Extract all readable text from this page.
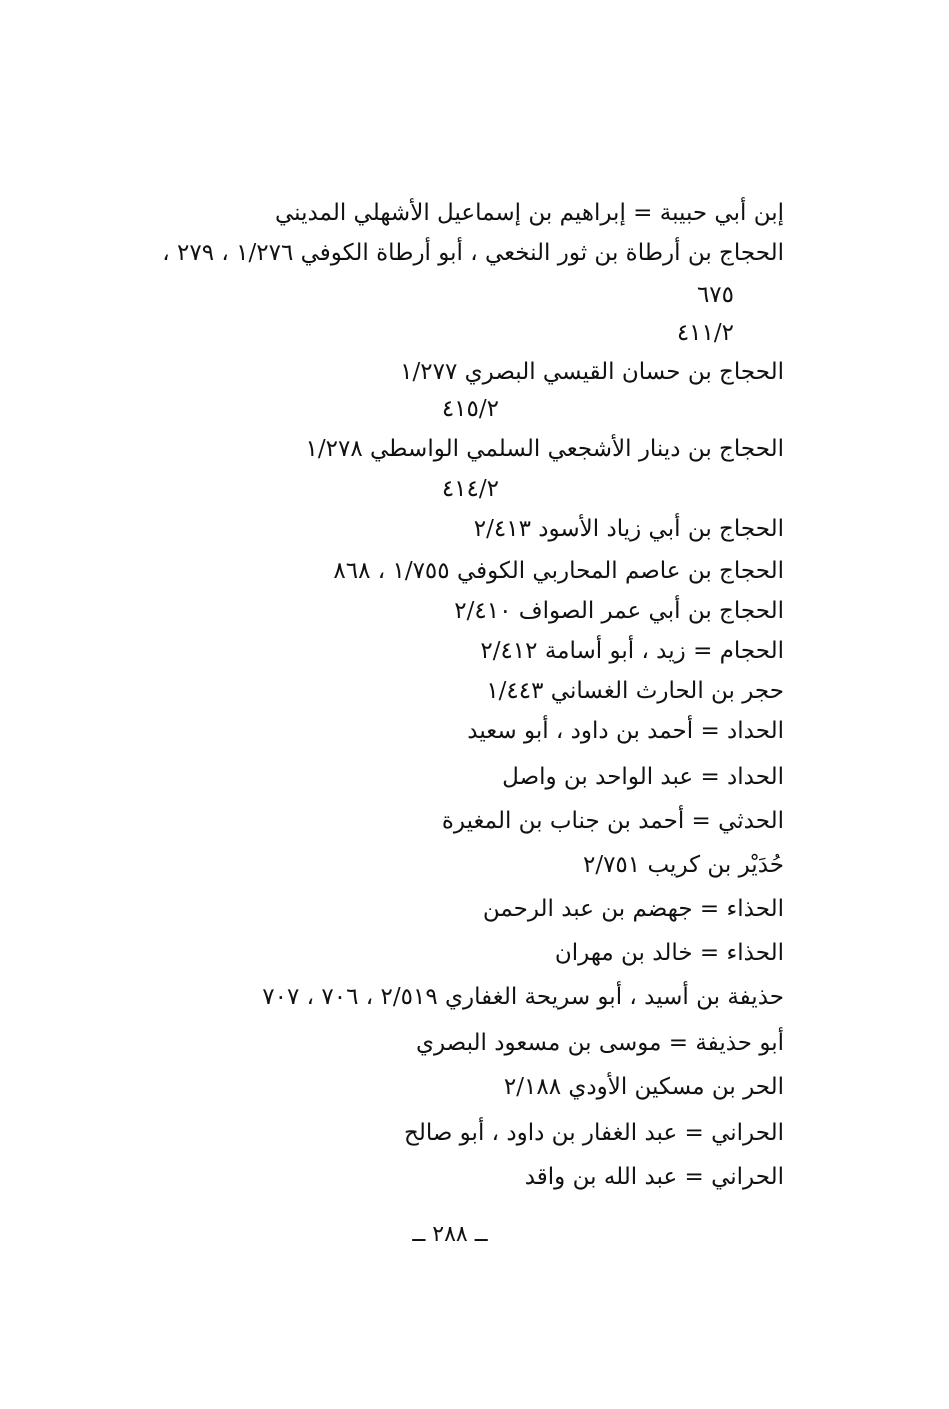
إبن أبي حبيبة = إبراهيم بن إسماعيل الأشهلي المديني
الحجاج بن أرطاة بن ثور النخعي ، أبو أرطاة الكوفي ١/٢٧٦ ، ٢٧٩ ،
٦٧٥
٤١١/٢
الحجاج بن حسان القيسي البصري ١/٢٧٧
٤١٥/٢
الحجاج بن دينار الأشجعي السلمي الواسطي ١/٢٧٨
٤١٤/٢
الحجاج بن أبي زياد الأسود ٢/٤١٣
الحجاج بن عاصم المحاربي الكوفي ١/٧٥٥ ، ٨٦٨
الحجاج بن أبي عمر الصواف ٢/٤١٠
الحجام = زيد ، أبو أسامة ٢/٤١٢
حجر بن الحارث الغساني ١/٤٤٣
الحداد = أحمد بن داود ، أبو سعيد
الحداد = عبد الواحد بن واصل
الحدثي = أحمد بن جناب بن المغيرة
حُدَيْر بن كريب ٢/٧٥١
الحذاء = جهضم بن عبد الرحمن
الحذاء = خالد بن مهران
حذيفة بن أسيد ، أبو سريحة الغفاري ٢/٥١٩ ، ٧٠٦ ، ٧٠٧
أبو حذيفة = موسى بن مسعود البصري
الحر بن مسكين الأودي ٢/١٨٨
الحراني = عبد الغفار بن داود ، أبو صالح
الحراني = عبد الله بن واقد
ــ ٢٨٨ ــ
